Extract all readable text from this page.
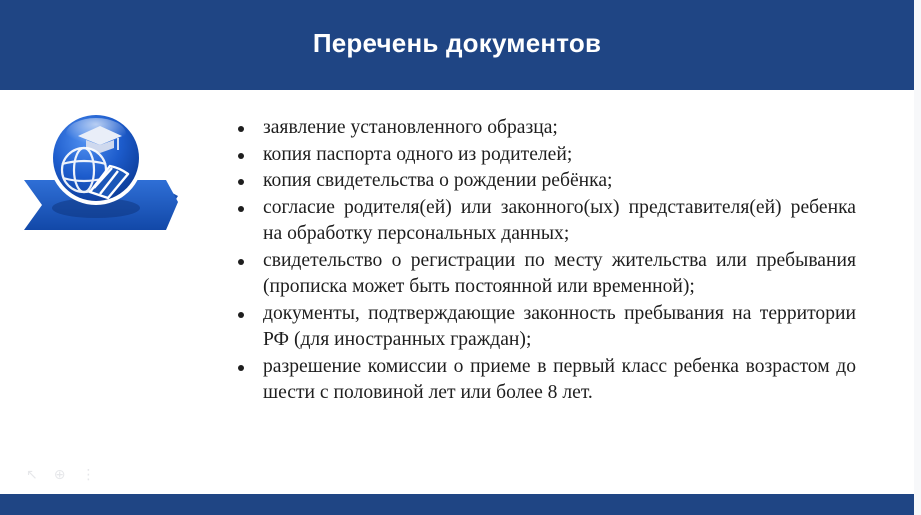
Перечень документов
заявление установленного образца;
копия паспорта одного из родителей;
копия свидетельства о рождении ребёнка;
согласие родителя(ей) или законного(ых) представителя(ей) ребенка на обработку персональных данных;
свидетельство о регистрации по месту жительства или пребывания (прописка может быть постоянной или временной);
документы, подтверждающие законность пребывания на территории РФ (для иностранных граждан);
разрешение комиссии о приеме в первый класс ребенка возрастом до шести с половиной лет или более 8 лет.
↖ ⊕ ⋮
